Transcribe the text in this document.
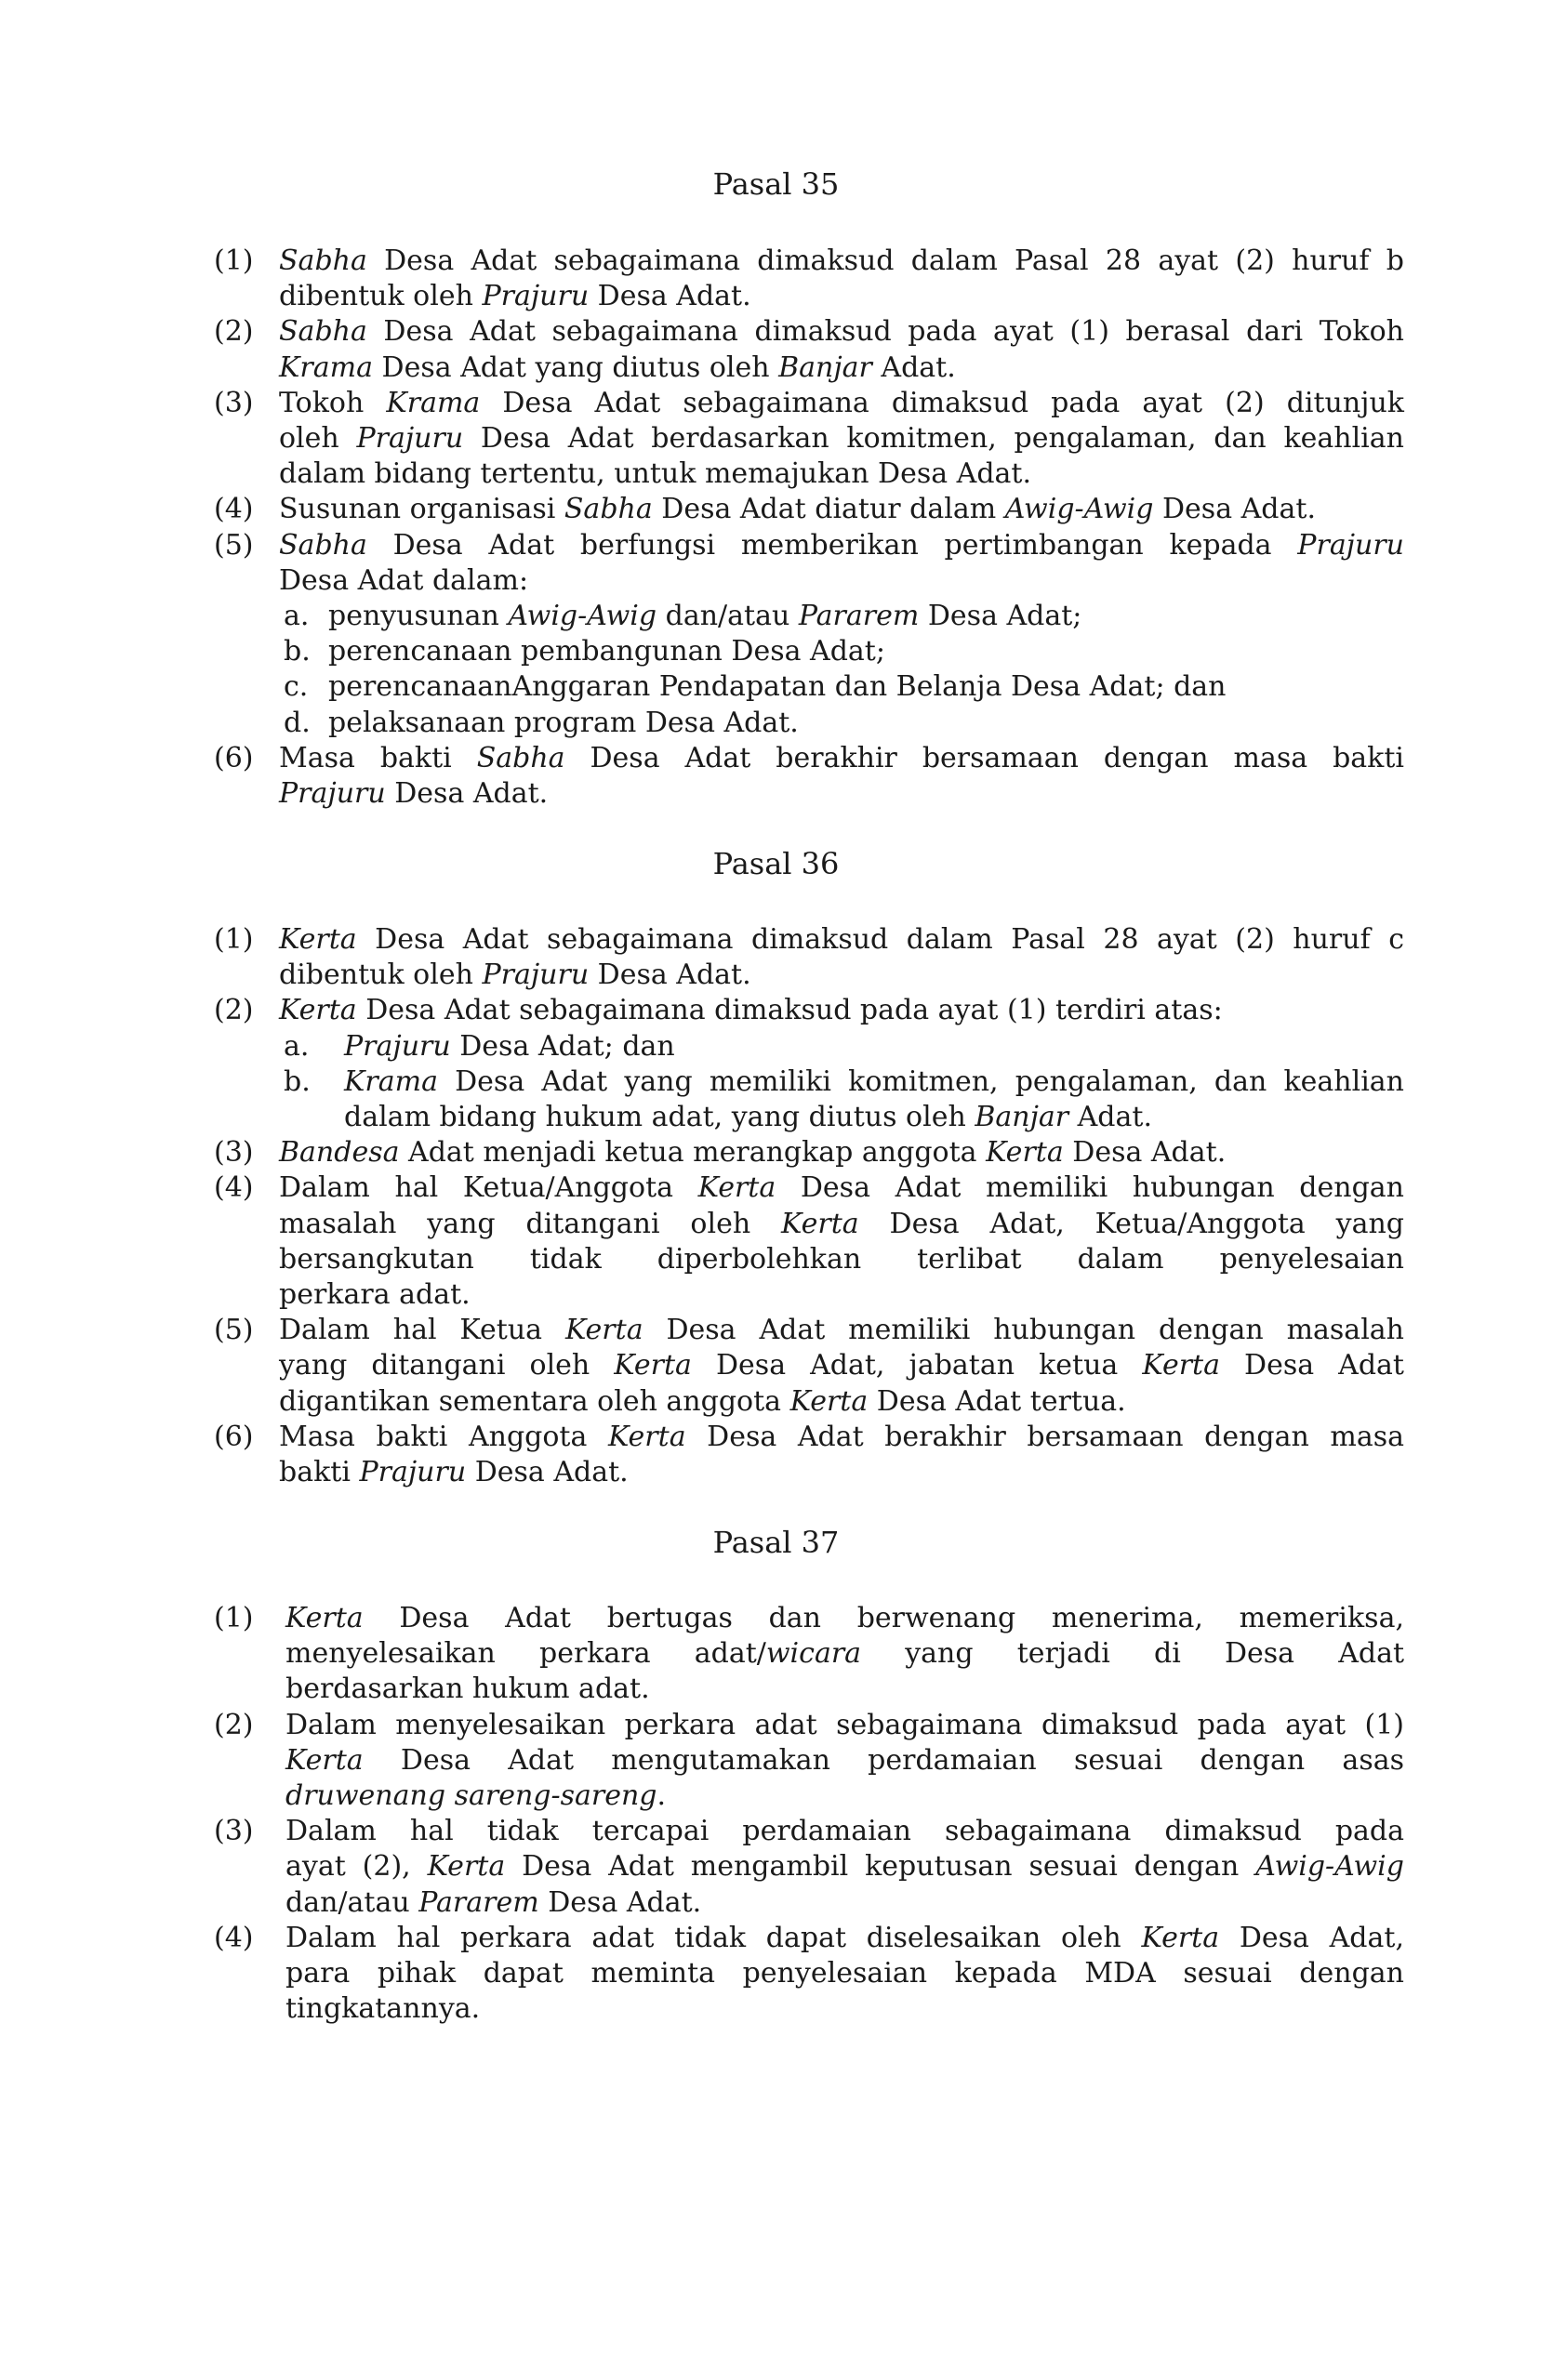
Pasal 35
(1) Sabha Desa Adat sebagaimana dimaksud dalam Pasal 28 ayat (2) huruf b
dibentuk oleh Prajuru Desa Adat.
(2) Sabha Desa Adat sebagaimana dimaksud pada ayat (1) berasal dari Tokoh
Krama Desa Adat yang diutus oleh Banjar Adat.
(3) Tokoh Krama Desa Adat sebagaimana dimaksud pada ayat (2) ditunjuk
oleh Prajuru Desa Adat berdasarkan komitmen, pengalaman, dan keahlian
dalam bidang tertentu, untuk memajukan Desa Adat.
(4) Susunan organisasi Sabha Desa Adat diatur dalam Awig-Awig Desa Adat.
(5) Sabha Desa Adat berfungsi memberikan pertimbangan kepada Prajuru
Desa Adat dalam:
a. penyusunan Awig-Awig dan/atau Pararem Desa Adat;
b. perencanaan pembangunan Desa Adat;
c. perencanaanAnggaran Pendapatan dan Belanja Desa Adat; dan
d. pelaksanaan program Desa Adat.
(6) Masa bakti Sabha Desa Adat berakhir bersamaan dengan masa bakti
Prajuru Desa Adat.
Pasal 36
(1) Kerta Desa Adat sebagaimana dimaksud dalam Pasal 28 ayat (2) huruf c
dibentuk oleh Prajuru Desa Adat.
(2) Kerta Desa Adat sebagaimana dimaksud pada ayat (1) terdiri atas:
a. Prajuru Desa Adat; dan
b. Krama Desa Adat yang memiliki komitmen, pengalaman, dan keahlian
dalam bidang hukum adat, yang diutus oleh Banjar Adat.
(3) Bandesa Adat menjadi ketua merangkap anggota Kerta Desa Adat.
(4) Dalam hal Ketua/Anggota Kerta Desa Adat memiliki hubungan dengan
masalah yang ditangani oleh Kerta Desa Adat, Ketua/Anggota yang
bersangkutan tidak diperbolehkan terlibat dalam penyelesaian
perkara adat.
(5) Dalam hal Ketua Kerta Desa Adat memiliki hubungan dengan masalah
yang ditangani oleh Kerta Desa Adat, jabatan ketua Kerta Desa Adat
digantikan sementara oleh anggota Kerta Desa Adat tertua.
(6) Masa bakti Anggota Kerta Desa Adat berakhir bersamaan dengan masa
bakti Prajuru Desa Adat.
Pasal 37
(1) Kerta Desa Adat bertugas dan berwenang menerima, memeriksa,
menyelesaikan perkara adat/wicara yang terjadi di Desa Adat
berdasarkan hukum adat.
(2) Dalam menyelesaikan perkara adat sebagaimana dimaksud pada ayat (1)
Kerta Desa Adat mengutamakan perdamaian sesuai dengan asas
druwenang sareng-sareng.
(3) Dalam hal tidak tercapai perdamaian sebagaimana dimaksud pada
ayat (2), Kerta Desa Adat mengambil keputusan sesuai dengan Awig-Awig
dan/atau Pararem Desa Adat.
(4) Dalam hal perkara adat tidak dapat diselesaikan oleh Kerta Desa Adat,
para pihak dapat meminta penyelesaian kepada MDA sesuai dengan
tingkatannya.
